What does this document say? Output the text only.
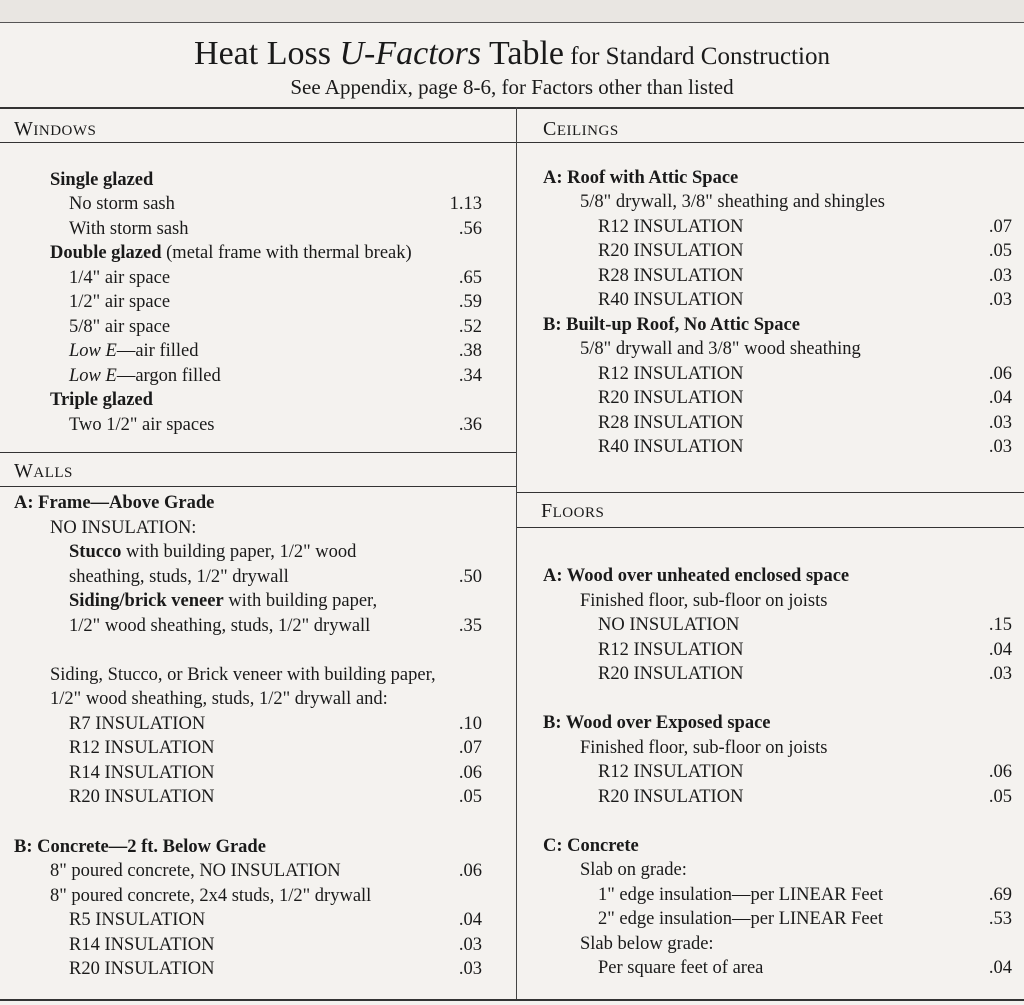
Heat Loss U-Factors Table for Standard Construction
See Appendix, page 8-6, for Factors other than listed
WINDOWS	CEILINGS
WALLS
FLOORS
Single glazed
No storm sash	1.13
With storm sash	.56
Double glazed (metal frame with thermal break)
1/4" air space	.65
1/2" air space	.59
5/8" air space	.52
Low E—air filled	.38
Low E—argon filled	.34
Triple glazed
Two 1/2" air spaces	.36
A: Roof with Attic Space
5/8" drywall, 3/8" sheathing and shingles
R12 INSULATION	.07
R20 INSULATION	.05
R28 INSULATION	.03
R40 INSULATION	.03
B: Built-up Roof, No Attic Space
5/8" drywall and 3/8" wood sheathing
R12 INSULATION	.06
R20 INSULATION	.04
R28 INSULATION	.03
R40 INSULATION	.03
A: Frame—Above Grade
NO INSULATION:
Stucco with building paper, 1/2" wood
sheathing, studs, 1/2" drywall	.50
Siding/brick veneer with building paper,
1/2" wood sheathing, studs, 1/2" drywall	.35
Siding, Stucco, or Brick veneer with building paper,
1/2" wood sheathing, studs, 1/2" drywall and:
R7 INSULATION	.10
R12 INSULATION	.07
R14 INSULATION	.06
R20 INSULATION	.05
B: Concrete—2 ft. Below Grade
8" poured concrete, NO INSULATION	.06
8" poured concrete, 2x4 studs, 1/2" drywall
R5 INSULATION	.04
R14 INSULATION	.03
R20 INSULATION	.03
A: Wood over unheated enclosed space
Finished floor, sub-floor on joists
NO INSULATION	.15
R12 INSULATION	.04
R20 INSULATION	.03
B: Wood over Exposed space
Finished floor, sub-floor on joists
R12 INSULATION	.06
R20 INSULATION	.05
C: Concrete
Slab on grade:
1" edge insulation—per LINEAR Feet	.69
2" edge insulation—per LINEAR Feet	.53
Slab below grade:
Per square feet of area	.04
